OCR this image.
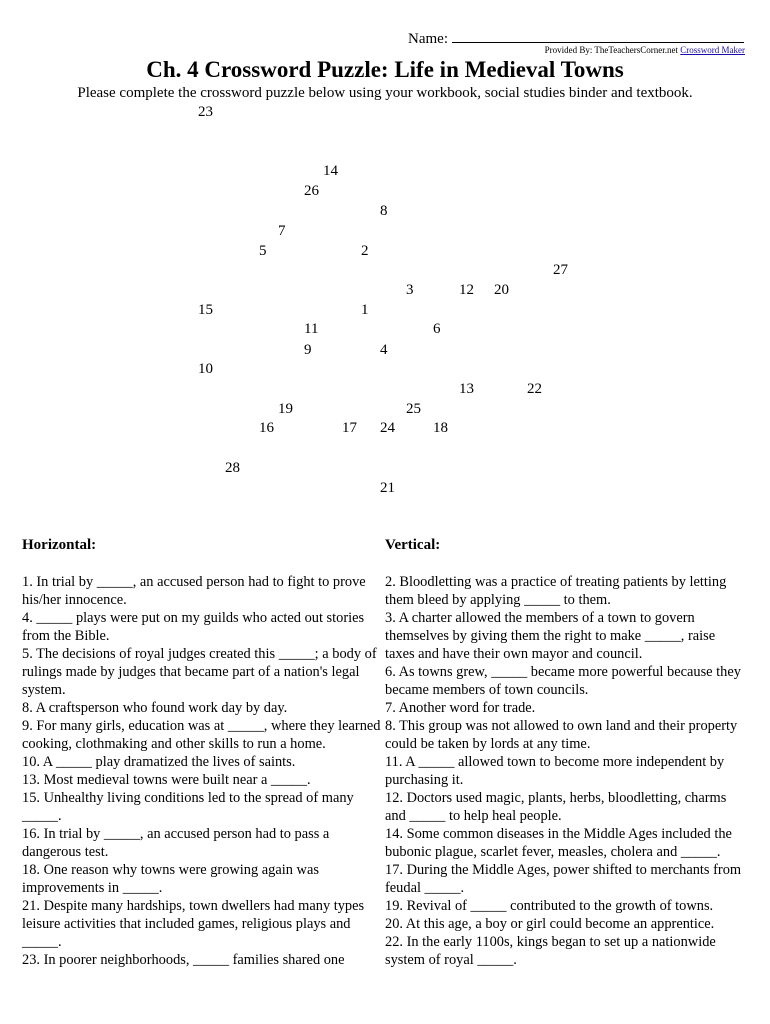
Name:
Provided By: TheTeachersCorner.net Crossword Maker
Ch. 4 Crossword Puzzle: Life in Medieval Towns
Please complete the crossword puzzle below using your workbook, social studies binder and textbook.
23
14
26
8
7
5	2
27
3	12 20
15	1
11	6
9	4
10
13	22
19	25
16	17 24	18
28
21
Horizontal:	Vertical:

1. In trial by _____, an accused person had to fight to prove his/her innocence.

4. _____ plays were put on my guilds who acted out stories from the Bible.

5. The decisions of royal judges created this _____; a body of rulings made by judges that became part of a nation's legal system.

8. A craftsperson who found work day by day.

9. For many girls, education was at _____, where they learned cooking, clothmaking and other skills to run a home.

10. A _____ play dramatized the lives of saints.

13. Most medieval towns were built near a _____.

15. Unhealthy living conditions led to the spread of many _____.

16. In trial by _____, an accused person had to pass a dangerous test.

18. One reason why towns were growing again was improvements in _____.

21. Despite many hardships, town dwellers had many types leisure activities that included games, religious plays and _____.

23. In poorer neighborhoods, _____ families shared one

2. Bloodletting was a practice of treating patients by letting them bleed by applying _____ to them.

3. A charter allowed the members of a town to govern themselves by giving them the right to make _____, raise taxes and have their own mayor and council.

6. As towns grew, _____ became more powerful because they became members of town councils.

7. Another word for trade.

8. This group was not allowed to own land and their property could be taken by lords at any time.

11. A _____ allowed town to become more independent by purchasing it.

12. Doctors used magic, plants, herbs, bloodletting, charms and _____ to help heal people.

14. Some common diseases in the Middle Ages included the bubonic plague, scarlet fever, measles, cholera and _____.

17. During the Middle Ages, power shifted to merchants from feudal _____.

19. Revival of _____ contributed to the growth of towns.

20. At this age, a boy or girl could become an apprentice.

22. In the early 1100s, kings began to set up a nationwide system of royal _____.
